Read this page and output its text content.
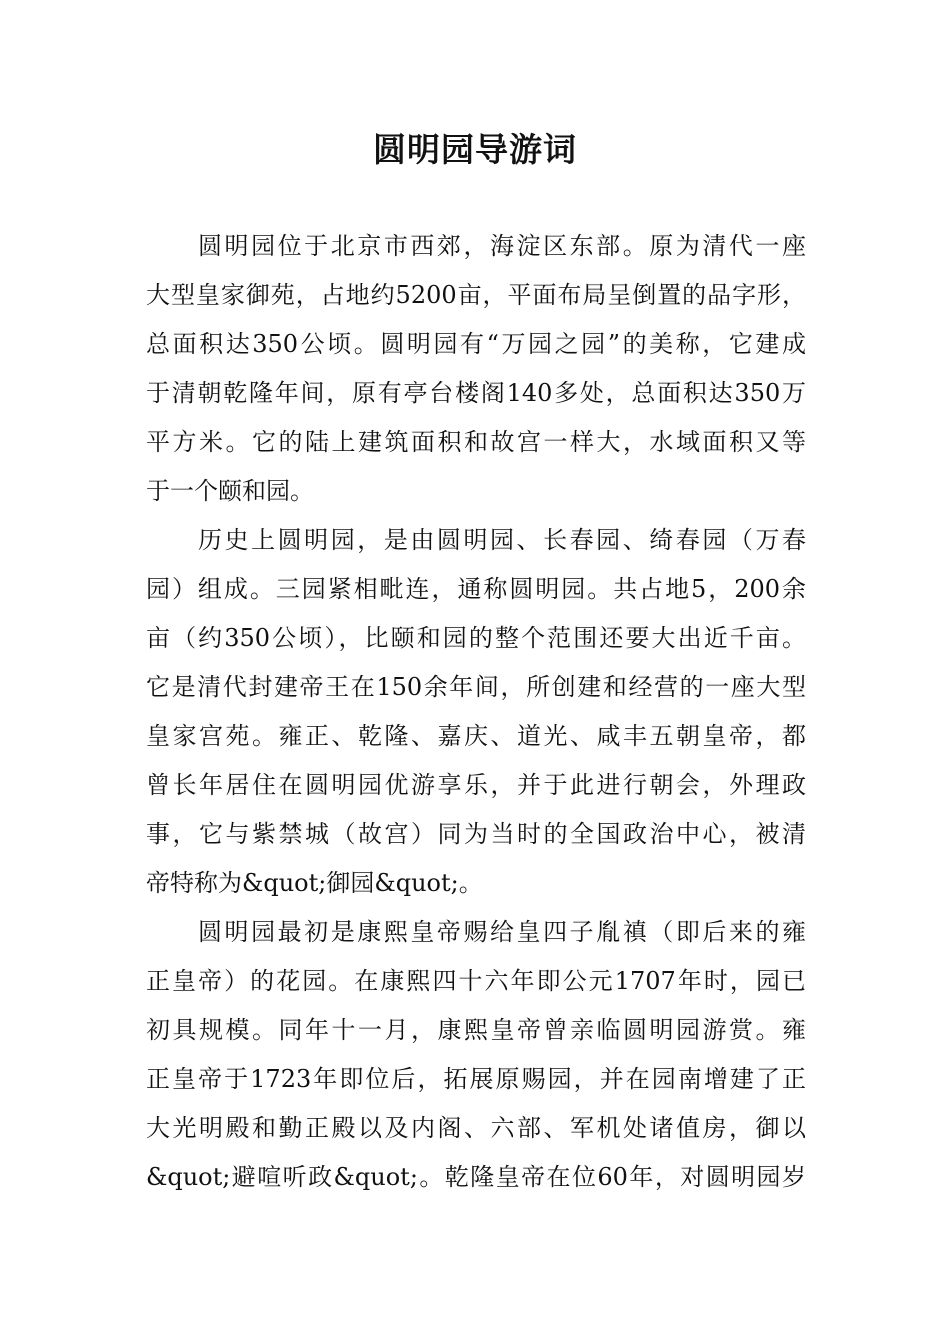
圆明园导游词
圆明园位于北京市西郊，海淀区东部。原为清代一座
大型皇家御苑，占地约5200亩，平面布局呈倒置的品字形，
总面积达350公顷。圆明园有“万园之园”的美称，它建成
于清朝乾隆年间，原有亭台楼阁140多处，总面积达350万
平方米。它的陆上建筑面积和故宫一样大，水域面积又等
于一个颐和园。
历史上圆明园，是由圆明园、长春园、绮春园（万春
园）组成。三园紧相毗连，通称圆明园。共占地5，200余
亩（约350公顷），比颐和园的整个范围还要大出近千亩。
它是清代封建帝王在150余年间，所创建和经营的一座大型
皇家宫苑。雍正、乾隆、嘉庆、道光、咸丰五朝皇帝，都
曾长年居住在圆明园优游享乐，并于此进行朝会，外理政
事，它与紫禁城（故宫）同为当时的全国政治中心，被清
帝特称为&quot;御园&quot;。
圆明园最初是康熙皇帝赐给皇四子胤禛（即后来的雍
正皇帝）的花园。在康熙四十六年即公元1707年时，园已
初具规模。同年十一月，康熙皇帝曾亲临圆明园游赏。雍
正皇帝于1723年即位后，拓展原赐园，并在园南增建了正
大光明殿和勤正殿以及内阁、六部、军机处诸值房，御以
&quot;避喧听政&quot;。乾隆皇帝在位60年，对圆明园岁
